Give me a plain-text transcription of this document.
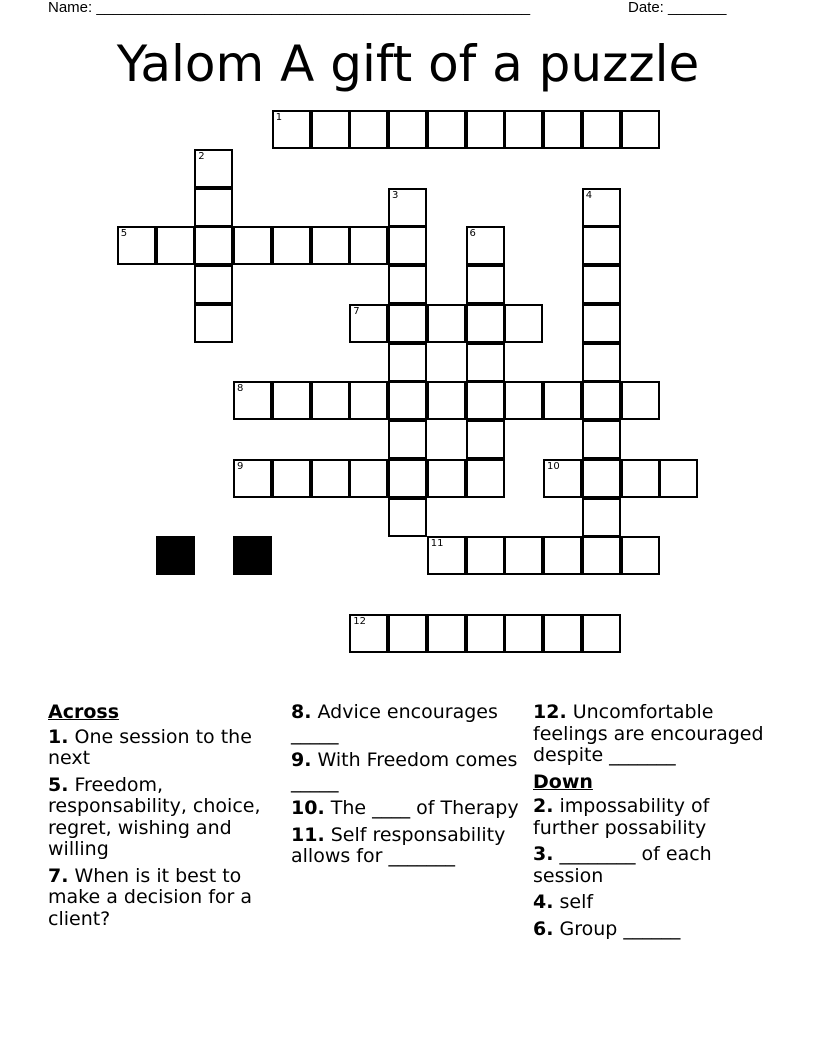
Name: ____________________________________________________	Date: _______
Yalom A gift of a puzzle
1
2
3	4
5	6
7
8
9	10
11
12
Across
1. One session to the next
5. Freedom, responsability, choice, regret, wishing and willing
7. When is it best to make a decision for a client?
8. Advice encourages _____
9. With Freedom comes _____
10. The ____ of Therapy
11. Self responsability allows for _______
12. Uncomfortable feelings are encouraged despite _______
Down
2. impossability of further possability
3. ________ of each session
4. self
6. Group ______
